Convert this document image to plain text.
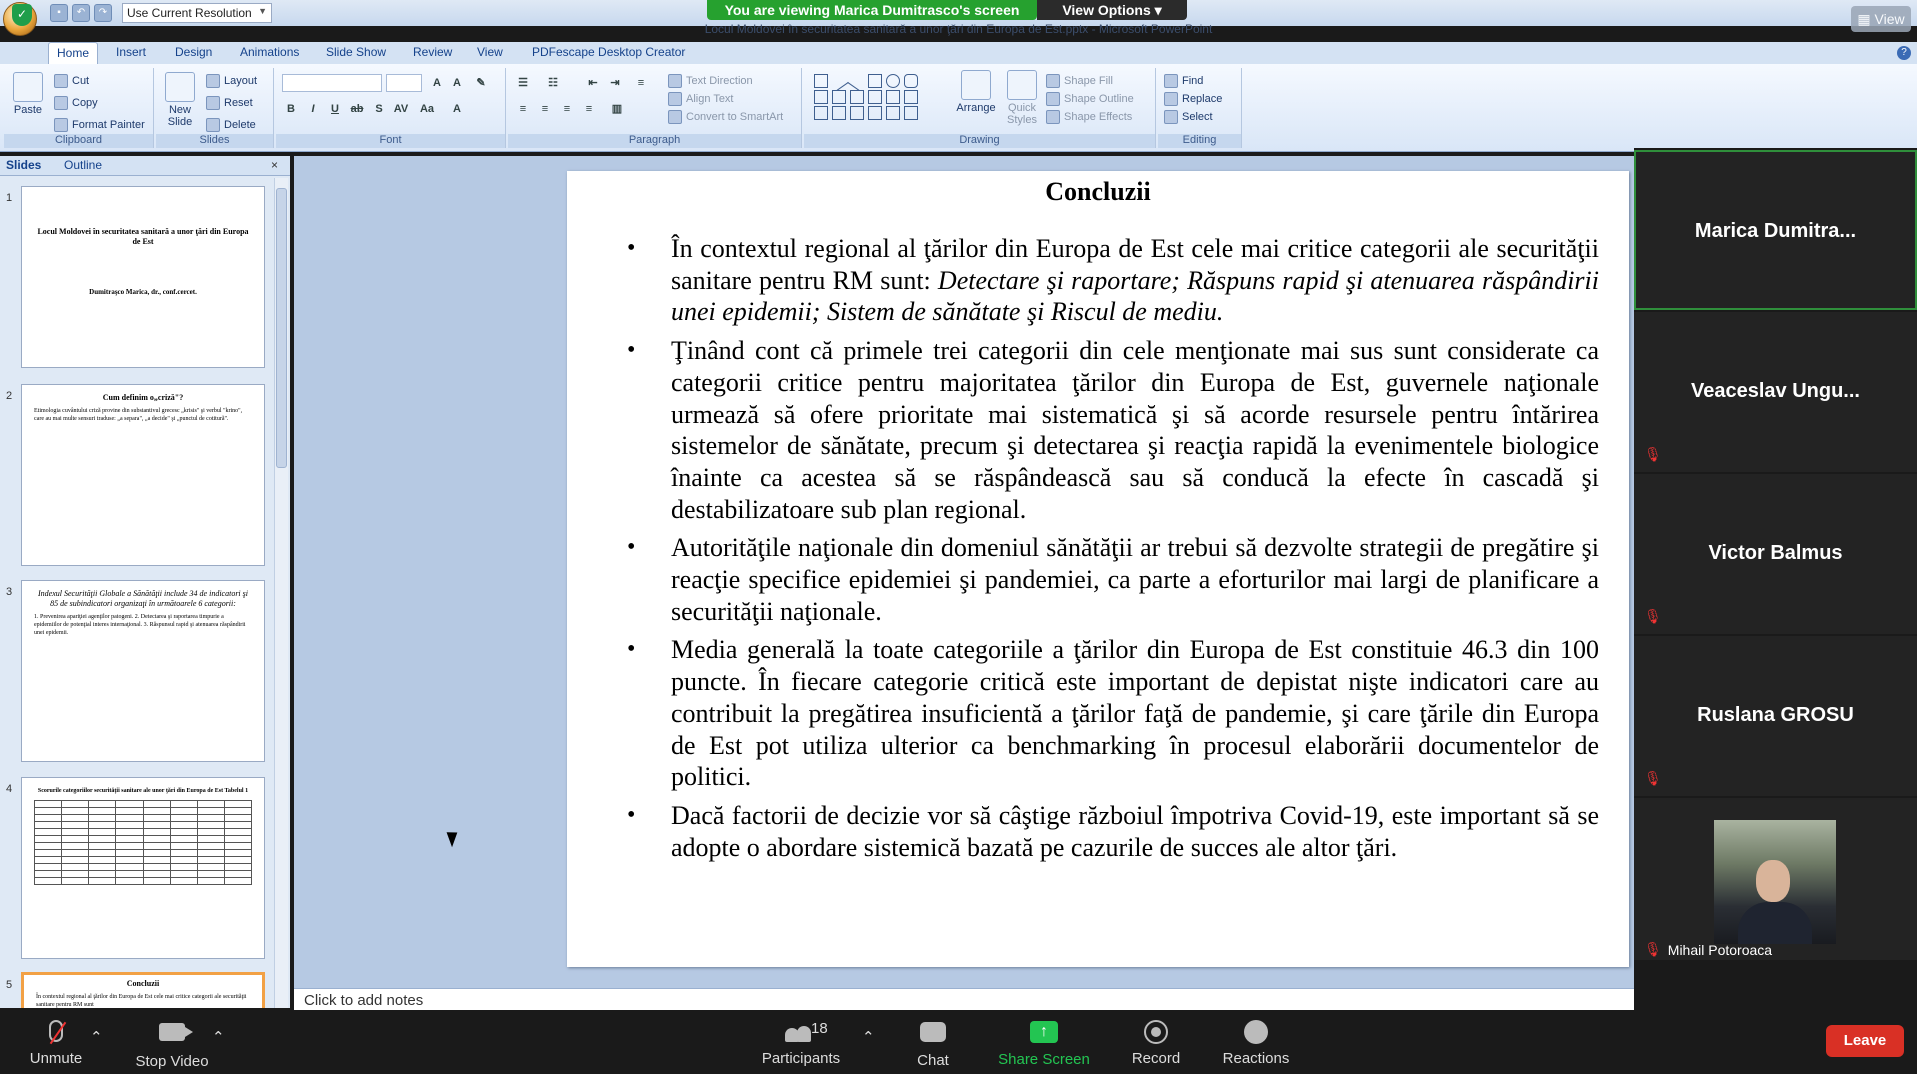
▪	↶	↷	Use Current Resolution ▼
✓
Locul Moldovei în securitatea sanitară a unor ţări din Europa de Est.pptx - Microsoft PowerPoint
You are viewing Marica Dumitrasco's screen	View Options ▾
▦ View
Home	Insert Design Animations Slide Show Review View PDFescape Desktop Creator	?
Paste
Cut
Copy
Format Painter
Clipboard
New Slide
Layout
Reset
Delete
Slides
A	A	✎
B	I	U	ab	S	AV Aa	A
Font
☰	☷	⇤	⇥	≡
≡	≡	≡	≡	▥
Text Direction
Align Text
Convert to SmartArt
Paragraph
Arrange	Quick Styles
Shape Fill
Shape Outline
Shape Effects
Drawing
Find
Replace
Select
Editing
Slides Outline	×
1
Locul Moldovei în securitatea sanitară a unor ţări din Europa de Est
Dumitraşco Marica, dr., conf.cercet.
2	Cum definim o„criză"?
Etimologia cuvântului criză provine din substantivul grecesc „krisis" şi verbul "krino", care au mai multe sensuri traduse: „a separa", „a decide" şi „punctul de cotitură".
3	Indexul Securităţii Globale a Sănătăţii include 34 de indicatori şi 85 de subindicatori organizaţi în următoarele 6 categorii:
1. Prevenirea apariţiei agenţilor patogeni. 2. Detectarea şi raportarea timpurie a epidemiilor de potenţial interes internaţional. 3. Răspunsul rapid şi atenuarea răspândirii unei epidemii.
4	Scorurile categoriilor securităţii sanitare ale unor ţări din Europa de Est Tabelul 1

5	Concluzii
În contextul regional al ţărilor din Europa de Est cele mai critice categorii ale securităţii sanitare pentru RM sunt
Concluzii
• În contextul regional al ţărilor din Europa de Est cele mai critice categorii ale securităţii sanitare pentru RM sunt: Detectare şi raportare; Răspuns rapid şi atenuarea răspândirii unei epidemii; Sistem de sănătate şi Riscul de mediu.
• Ţinând cont că primele trei categorii din cele menţionate mai sus sunt considerate ca categorii critice pentru majoritatea ţărilor din Europa de Est, guvernele naţionale urmează să ofere prioritate mai sistematică şi să acorde resursele pentru întărirea sistemelor de sănătate, precum şi detectarea şi reacţia rapidă la evenimentele biologice înainte ca acestea să se răspândească sau să conducă la efecte în cascadă şi destabilizatoare sub plan regional.
• Autorităţile naţionale din domeniul sănătăţii ar trebui să dezvolte strategii de pregătire şi reacţie specifice epidemiei şi pandemiei, ca parte a eforturilor mai largi de planificare a securităţii naţionale.
• Media generală la toate categoriile a ţărilor din Europa de Est constituie 46.3 din 100 puncte. În fiecare categorie critică este important de depistat nişte indicatori care au contribuit la pregătirea insuficientă a ţărilor faţă de pandemie, şi care ţările din Europa de Est pot utiliza ulterior ca benchmarking în procesul elaborării documentelor de politici.
• Dacă factorii de decizie vor să câştige războiul împotriva Covid-19, este important să se adopte o abordare sistemică bazată pe cazurile de succes ale altor ţări.
Click to add notes
Marica Dumitra...
Veaceslav Ungu...
🎙
Victor Balmus
🎙
Ruslana GROSU
🎙
🎙 Mihail Potoroaca
Unmute
⌃
Stop Video
⌃
18
Participants
⌃
Chat
↑
Share Screen	Record	Reactions
Leave
